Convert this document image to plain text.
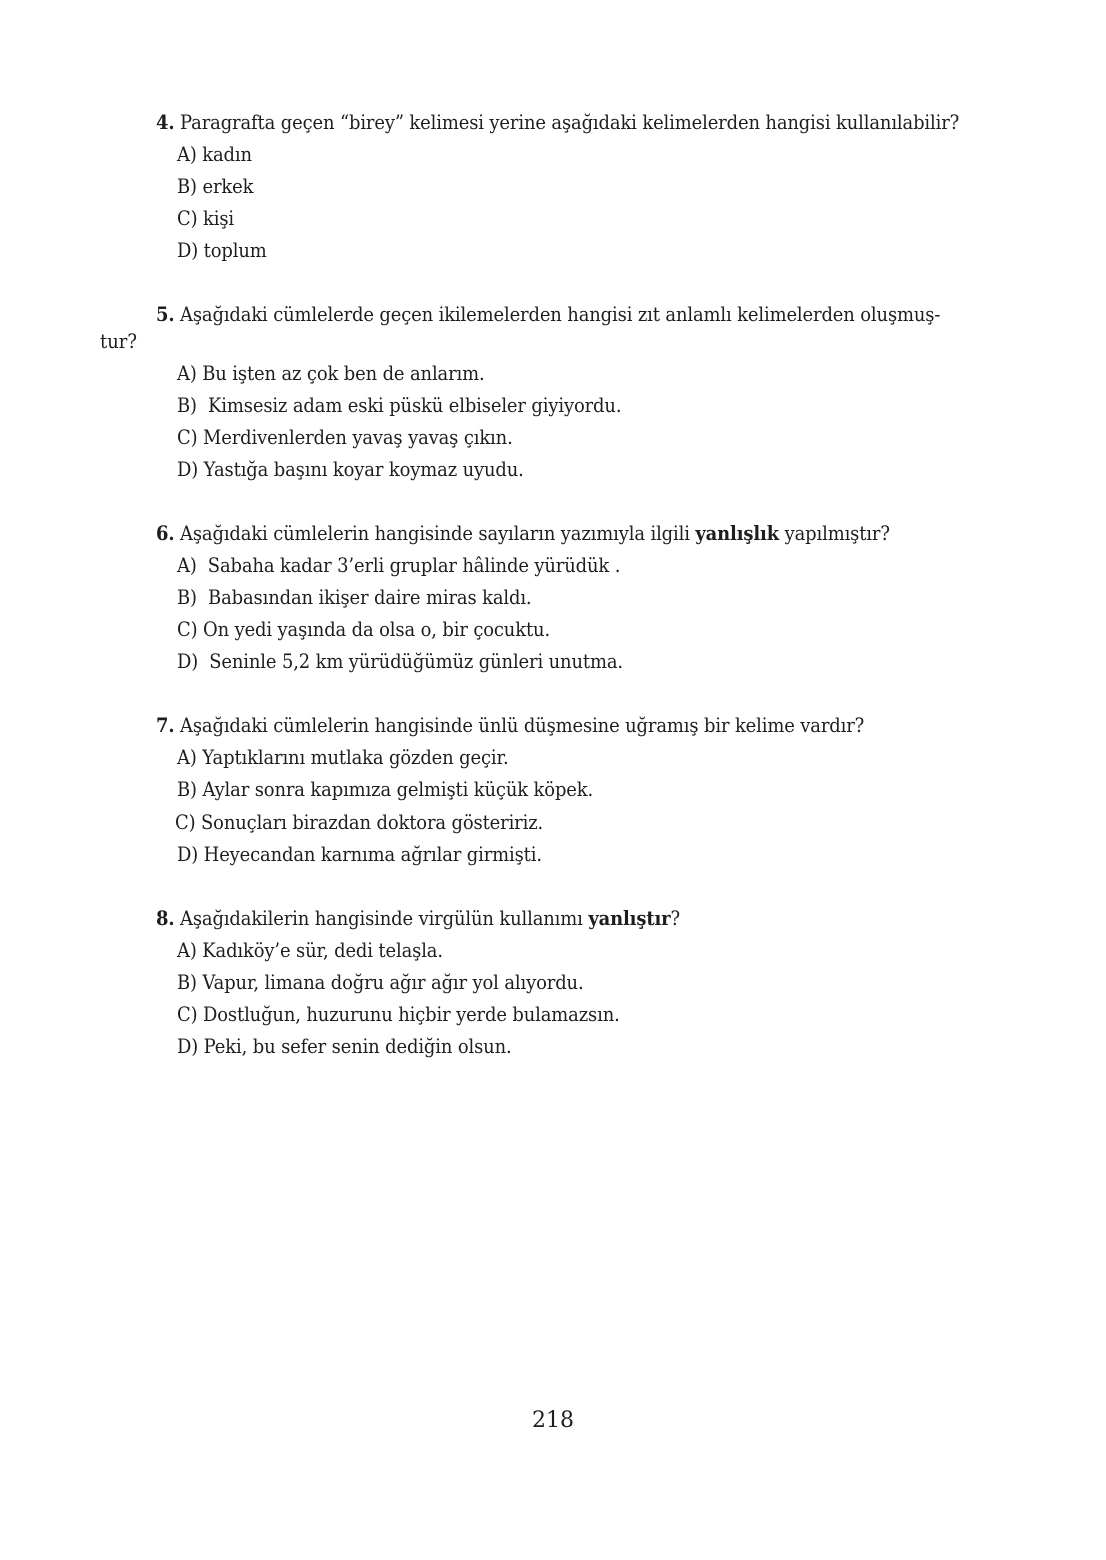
4. Paragrafta geçen “birey” kelimesi yerine aşağıdaki kelimelerden hangisi kullanılabilir?
A) kadın
B) erkek
C) kişi
D) toplum
5. Aşağıdaki cümlelerde geçen ikilemelerden hangisi zıt anlamlı kelimelerden oluşmuş-
tur?
A) Bu işten az çok ben de anlarım.
B)  Kimsesiz adam eski püskü elbiseler giyiyordu.
C) Merdivenlerden yavaş yavaş çıkın.
D) Yastığa başını koyar koymaz uyudu.
6. Aşağıdaki cümlelerin hangisinde sayıların yazımıyla ilgili yanlışlık yapılmıştır?
A)  Sabaha kadar 3’erli gruplar hâlinde yürüdük .
B)  Babasından ikişer daire miras kaldı.
C) On yedi yaşında da olsa o, bir çocuktu.
D)  Seninle 5,2 km yürüdüğümüz günleri unutma.
7. Aşağıdaki cümlelerin hangisinde ünlü düşmesine uğramış bir kelime vardır?
A) Yaptıklarını mutlaka gözden geçir.
B) Aylar sonra kapımıza gelmişti küçük köpek.
C) Sonuçları birazdan doktora gösteririz.
D) Heyecandan karnıma ağrılar girmişti.
8. Aşağıdakilerin hangisinde virgülün kullanımı yanlıştır?
A) Kadıköy’e sür, dedi telaşla.
B) Vapur, limana doğru ağır ağır yol alıyordu.
C) Dostluğun, huzurunu hiçbir yerde bulamazsın.
D) Peki, bu sefer senin dediğin olsun.
218
